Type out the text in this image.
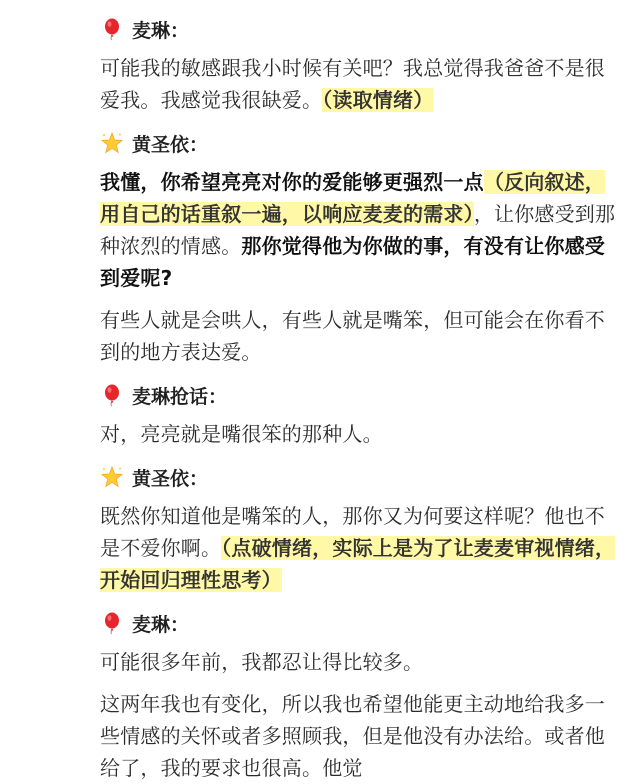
麦琳：

可能我的敏感跟我小时候有关吧？我总觉得我爸爸不是很爱我。我感觉我很缺爱。（读取情绪）

黄圣依：

我懂，你希望亮亮对你的爱能够更强烈一点（反向叙述，用自己的话重叙一遍，以响应麦麦的需求），让你感受到那种浓烈的情感。那你觉得他为你做的事，有没有让你感受到爱呢?

有些人就是会哄人，有些人就是嘴笨，但可能会在你看不到的地方表达爱。

麦琳抢话：

对，亮亮就是嘴很笨的那种人。

黄圣依：

既然你知道他是嘴笨的人，那你又为何要这样呢？他也不是不爱你啊。（点破情绪，实际上是为了让麦麦审视情绪，开始回归理性思考）

麦琳：

可能很多年前，我都忍让得比较多。

这两年我也有变化，所以我也希望他能更主动地给我多一些情感的关怀或者多照顾我，但是他没有办法给。或者他给了，我的要求也很高。他觉
